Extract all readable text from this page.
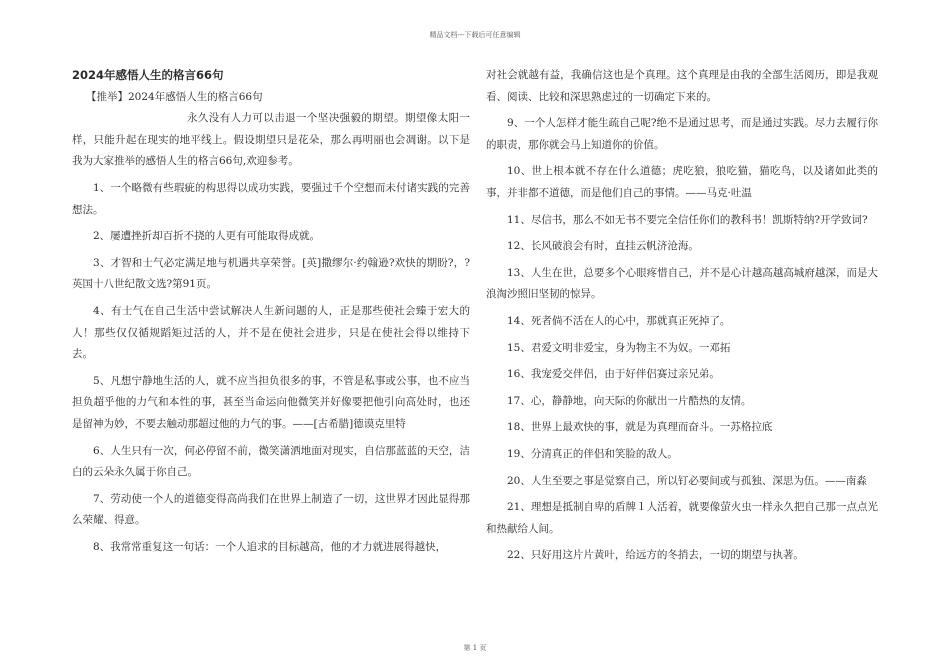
精品文档---下载后可任意编辑

2024年感悟人生的格言66句

【推举】2024年感悟人生的格言66句

永久没有人力可以击退一个坚决强毅的期望。期望像太阳一样，只能升起在现实的地平线上。假设期望只是花朵，那么再明丽也会凋谢。以下是我为大家推举的感悟人生的格言66句,欢迎参考。

1、一个略微有些瑕疵的构思得以成功实践，要强过千个空想而未付诸实践的完善想法。

2、屡遭挫折却百折不挠的人更有可能取得成就。

3、才智和士气必定满足地与机遇共享荣誉。[英]撒缪尔·约翰逊?欢快的期盼?，?英国十八世纪散文选?第91页。

4、有士气在自己生活中尝试解决人生新问题的人，正是那些使社会臻于宏大的人！那些仅仅循规蹈矩过活的人，并不是在使社会进步，只是在使社会得以维持下去。

5、凡想宁静地生活的人，就不应当担负很多的事，不管是私事或公事，也不应当担负超乎他的力气和本性的事，甚至当命运向他微笑并好像要把他引向高处时，也还是留神为妙，不要去触动那超过他的力气的事。——[古希腊]德谟克里特

6、人生只有一次，何必停留不前，微笑潇洒地面对现实，自信那蓝蓝的天空，洁白的云朵永久属于你自己。

7、劳动使一个人的道德变得高尚我们在世界上制造了一切，这世界才因此显得那么荣耀、得意。

8、我常常重复这一句话：一个人追求的目标越高，他的才力就进展得越快，

对社会就越有益，我确信这也是个真理。这个真理是由我的全部生活阅历，即是我观看、阅读、比较和深思熟虑过的一切确定下来的。

9、一个人怎样才能生疏自己呢?绝不是通过思考，而是通过实践。尽力去履行你的职责，那你就会马上知道你的价值。

10、世上根本就不存在什么道德；虎吃狼，狼吃猫，猫吃鸟，以及诸如此类的事，并非都不道德，而是他们自己的事情。——马克·吐温

11、尽信书，那么不如无书不要完全信任你们的教科书！凯斯特纳?开学致词?

12、长风破浪会有时，直挂云帆济沧海。

13、人生在世，总要多个心眼疼惜自己，并不是心计越高越高城府越深，而是大浪淘沙照旧坚韧的惊异。

14、死者倘不活在人的心中，那就真正死掉了。

15、君爱文明非爱宝，身为物主不为奴。一邓拓

16、我宠爱交伴侣，由于好伴侣赛过亲兄弟。

17、心，静静地，向天际的你献出一片酷热的友情。

18、世界上最欢快的事，就是为真理而奋斗。一苏格拉底

19、分清真正的伴侣和笑脸的敌人。

20、人生至要之事是觉察自己，所以钉必要间或与孤独、深思为伍。——南淼

21、理想是抵制自卑的盾牌１人活着，就要像萤火虫一样永久把自己那一点点光和热献给人间。

22、只好用这片片黄叶，给远方的冬捎去，一切的期望与执著。

第 1 页
